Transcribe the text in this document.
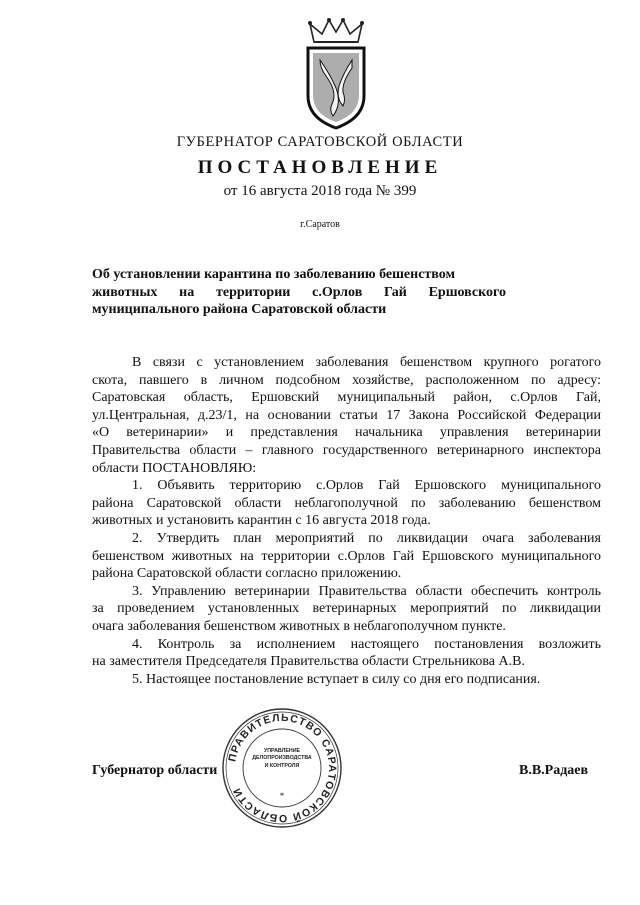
ГУБЕРНАТОР САРАТОВСКОЙ ОБЛАСТИ
ПОСТАНОВЛЕНИЕ
от 16 августа 2018 года № 399
г.Саратов
Об установлении карантина по заболеванию бешенством
животных на территории с.Орлов Гай Ершовского
муниципального района Саратовской области
В связи с установлением заболевания бешенством крупного рогатого
скота, павшего в личном подсобном хозяйстве, расположенном по адресу:
Саратовская область, Ершовский муниципальный район, с.Орлов Гай,
ул.Центральная, д.23/1, на основании статьи 17 Закона Российской Федерации
«О ветеринарии» и представления начальника управления ветеринарии
Правительства области – главного государственного ветеринарного инспектора
области ПОСТАНОВЛЯЮ:
1. Объявить территорию с.Орлов Гай Ершовского муниципального
района Саратовской области неблагополучной по заболеванию бешенством
животных и установить карантин с 16 августа 2018 года.
2. Утвердить план мероприятий по ликвидации очага заболевания
бешенством животных на территории с.Орлов Гай Ершовского муниципального
района Саратовской области согласно приложению.
3. Управлению ветеринарии Правительства области обеспечить контроль
за проведением установленных ветеринарных мероприятий по ликвидации
очага заболевания бешенством животных в неблагополучном пункте.
4. Контроль за исполнением настоящего постановления возложить
на заместителя Председателя Правительства области Стрельникова А.В.
5. Настоящее постановление вступает в силу со дня его подписания.
ПРАВИТЕЛЬСТВО САРАТОВСКОЙ ОБЛАСТИ	*
УПРАВЛЕНИЕ
ДЕЛОПРОИЗВОДСТВА
И КОНТРОЛЯ
Губернатор области	В.В.Радаев
